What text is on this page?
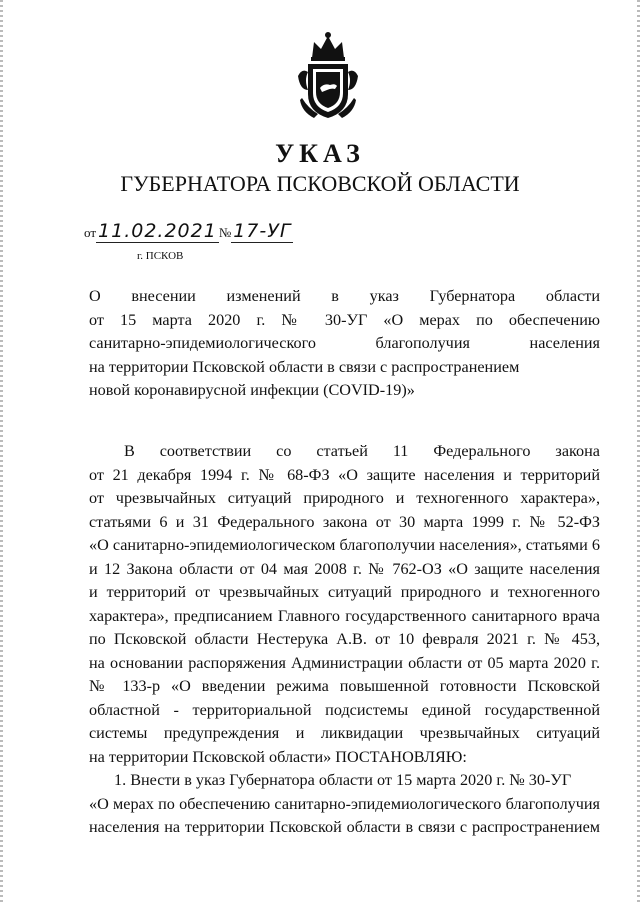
УКАЗ
ГУБЕРНАТОРА ПСКОВСКОЙ ОБЛАСТИ
от 11.02.2021 № 17-УГ
г. ПСКОВ
О внесении изменений в указ Губернатора области
от 15 марта 2020 г. № 30-УГ «О мерах по обеспечению
санитарно-эпидемиологического благополучия населения
на территории Псковской области в связи с распространением
новой коронавирусной инфекции (COVID-19)»
В соответствии со статьей 11 Федерального закона
от 21 декабря 1994 г. № 68-ФЗ «О защите населения и территорий
от чрезвычайных ситуаций природного и техногенного характера»,
статьями 6 и 31 Федерального закона от 30 марта 1999 г. № 52-ФЗ
«О санитарно-эпидемиологическом благополучии населения», статьями 6
и 12 Закона области от 04 мая 2008 г. № 762-ОЗ «О защите населения
и территорий от чрезвычайных ситуаций природного и техногенного
характера», предписанием Главного государственного санитарного врача
по Псковской области Нестерука А.В. от 10 февраля 2021 г. № 453,
на основании распоряжения Администрации области от 05 марта 2020 г.
№ 133-р «О введении режима повышенной готовности Псковской
областной - территориальной подсистемы единой государственной
системы предупреждения и ликвидации чрезвычайных ситуаций
на территории Псковской области» ПОСТАНОВЛЯЮ:
1. Внести в указ Губернатора области от 15 марта 2020 г. № 30-УГ
«О мерах по обеспечению санитарно-эпидемиологического благополучия
населения на территории Псковской области в связи с распространением
